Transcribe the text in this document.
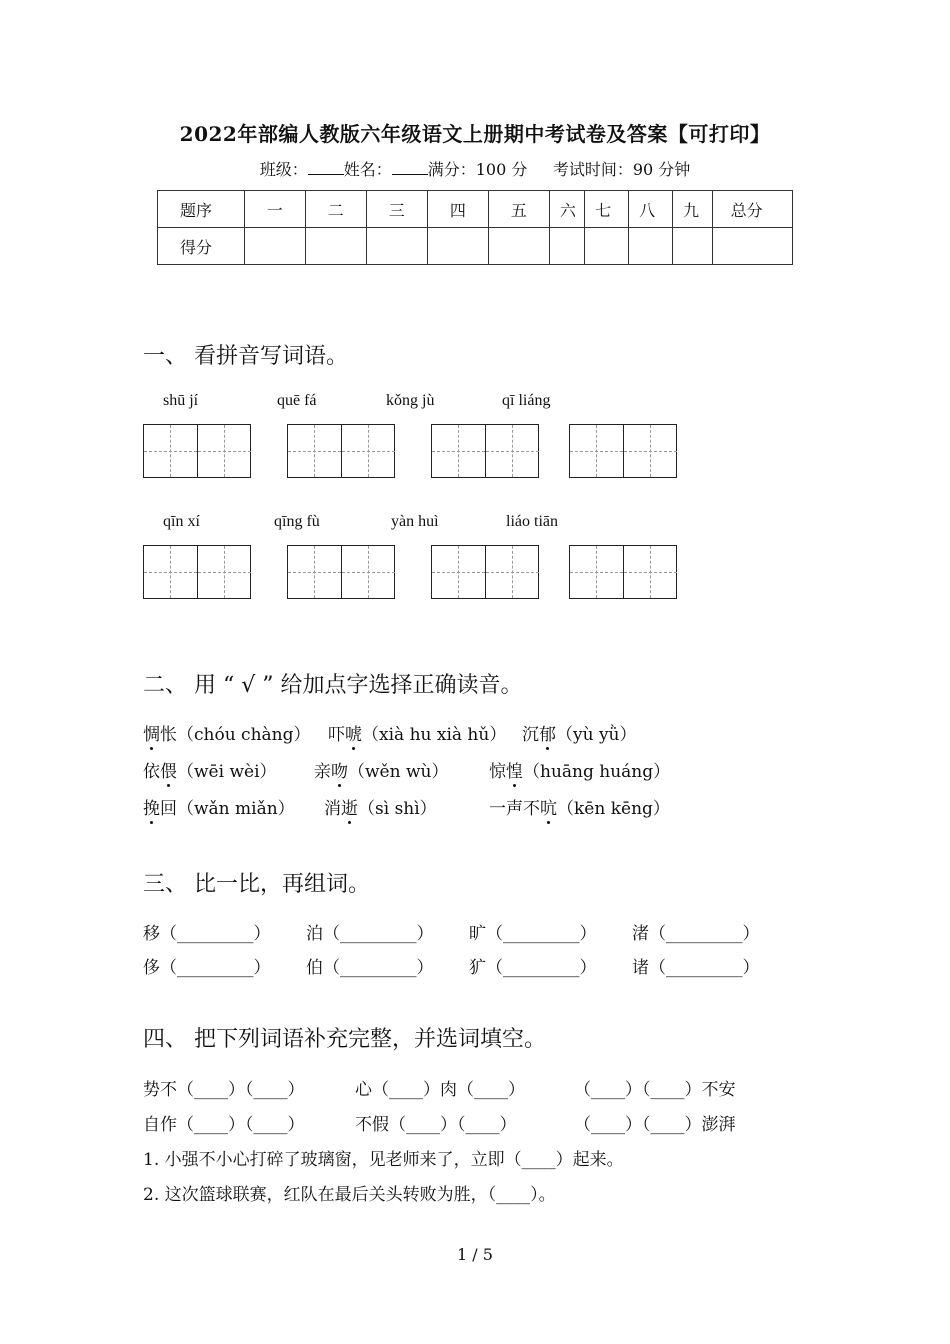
2022年部编人教版六年级语文上册期中考试卷及答案【可打印】
班级： 姓名： 满分：100 分 考试时间：90 分钟
题序	一	二	三	四	五	六	七	八	九	总分
得分										
一、 看拼音写词语。
shū jí	quē fá	kǒng jù	qī liáng
qīn xí	qīng fù	yàn huì	liáo tiān
二、 用 “ √ ” 给加点字选择正确读音。
惆怅（chóu chàng） 吓唬（xià hu xià hǔ） 沉郁（yù yǜ）
依偎（wēi wèi） 亲吻（wěn wù） 惊惶（huāng huáng）
挽回（wǎn miǎn） 消逝（sì shì）	一声不吭（kēn kēng）
三、 比一比，再组词。
移（_________） 泊（_________） 旷（_________） 渚（_________）
侈（_________） 伯（_________） 犷（_________） 诸（_________）
四、 把下列词语补充完整，并选词填空。
势不（____）（____）	心（____）肉（____）	（____）（____）不安
自作（____）（____）	不假（____）（____）	（____）（____）澎湃
1. 小强不小心打碎了玻璃窗，见老师来了，立即（____）起来。
2. 这次篮球联赛，红队在最后关头转败为胜，（____）。
1 / 5
